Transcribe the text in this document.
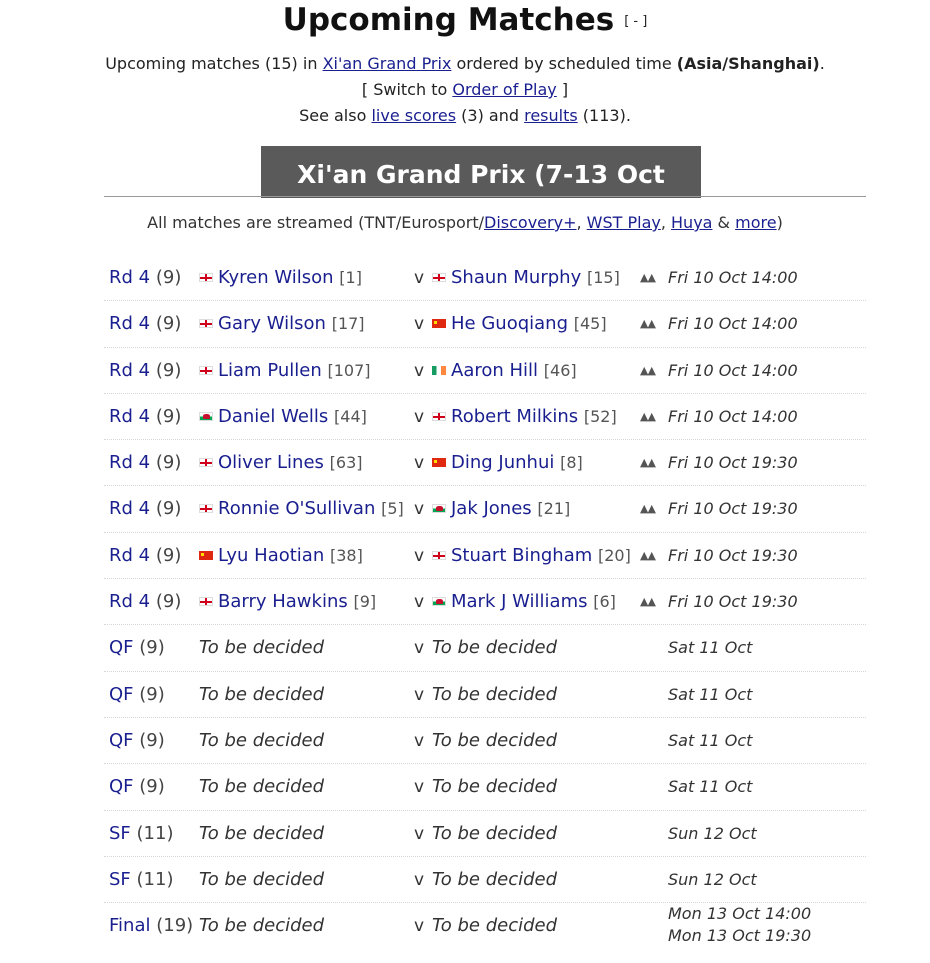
Upcoming Matches [ - ]
Upcoming matches (15) in Xi'an Grand Prix ordered by scheduled time (Asia/Shanghai).
[ Switch to Order of Play ]
See also live scores (3) and results (113).
Xi'an Grand Prix (7-13 Oct 2025)
All matches are streamed (TNT/Eurosport/Discovery+, WST Play, Huya & more)
Rd 4 (9)	Kyren Wilson [1]	v	Shaun Murphy [15] ▲▲ Fri 10 Oct 14:00
Rd 4 (9)	Gary Wilson [17]	v	He Guoqiang [45]	▲▲ Fri 10 Oct 14:00
Rd 4 (9)	Liam Pullen [107]	v	Aaron Hill [46]	▲▲ Fri 10 Oct 14:00
Rd 4 (9)	Daniel Wells [44]	v	Robert Milkins [52] ▲▲ Fri 10 Oct 14:00
Rd 4 (9)	Oliver Lines [63]	v	Ding Junhui [8]	▲▲ Fri 10 Oct 19:30
Rd 4 (9)	Ronnie O'Sullivan [5] v	Jak Jones [21]	▲▲ Fri 10 Oct 19:30
Rd 4 (9)	Lyu Haotian [38]	v	Stuart Bingham [20] ▲▲ Fri 10 Oct 19:30
Rd 4 (9)	Barry Hawkins [9] v	Mark J Williams [6] ▲▲ Fri 10 Oct 19:30
QF (9) To be decided	v To be decided	Sat 11 Oct
QF (9) To be decided	v To be decided	Sat 11 Oct
QF (9) To be decided	v To be decided	Sat 11 Oct
QF (9) To be decided	v To be decided	Sat 11 Oct
SF (11) To be decided	v To be decided	Sun 12 Oct
SF (11) To be decided	v To be decided	Sun 12 Oct
Final (19) To be decided	v To be decided
Mon 13 Oct 14:00
Mon 13 Oct 19:30
